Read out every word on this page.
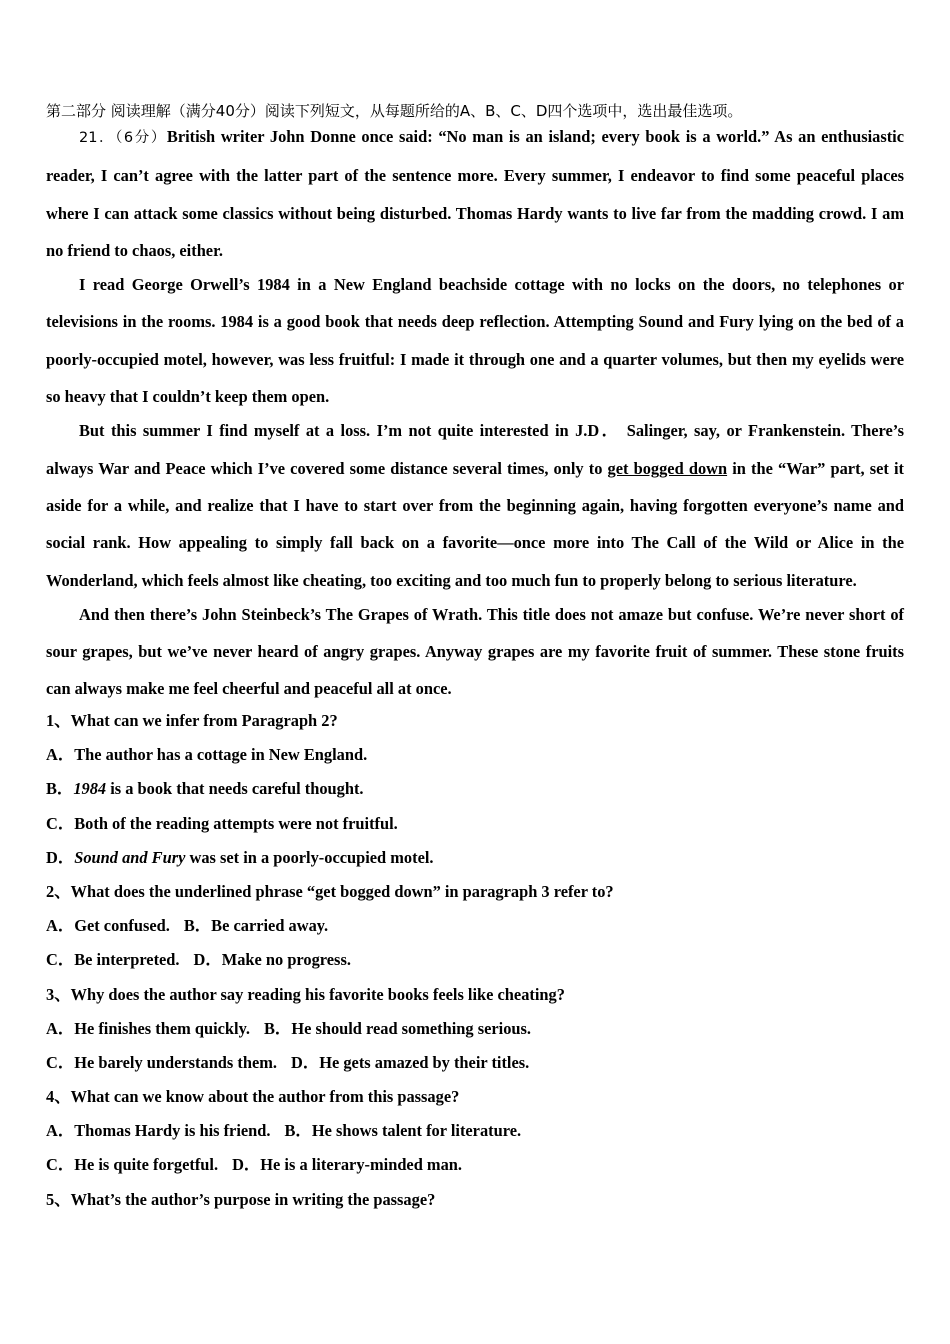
第二部分 阅读理解（满分40分）阅读下列短文，从每题所给的A、B、C、D四个选项中，选出最佳选项。

21．（6分）British writer John Donne once said: “No man is an island; every book is a world.” As an enthusiastic reader, I can’t agree with the latter part of the sentence more. Every summer, I endeavor to find some peaceful places where I can attack some classics without being disturbed. Thomas Hardy wants to live far from the madding crowd. I am no friend to chaos, either.

I read George Orwell’s 1984 in a New England beachside cottage with no locks on the doors, no telephones or televisions in the rooms. 1984 is a good book that needs deep reflection. Attempting Sound and Fury lying on the bed of a poorly-occupied motel, however, was less fruitful: I made it through one and a quarter volumes, but then my eyelids were so heavy that I couldn’t keep them open.

But this summer I find myself at a loss. I’m not quite interested in J.D． Salinger, say, or Frankenstein. There’s always War and Peace which I’ve covered some distance several times, only to get bogged down in the “War” part, set it aside for a while, and realize that I have to start over from the beginning again, having forgotten everyone’s name and social rank. How appealing to simply fall back on a favorite—once more into The Call of the Wild or Alice in the Wonderland, which feels almost like cheating, too exciting and too much fun to properly belong to serious literature.

And then there’s John Steinbeck’s The Grapes of Wrath. This title does not amaze but confuse. We’re never short of sour grapes, but we’ve never heard of angry grapes. Anyway grapes are my favorite fruit of summer. These stone fruits can always make me feel cheerful and peaceful all at once.

1、What can we infer from Paragraph 2?
A．The author has a cottage in New England.
B．1984 is a book that needs careful thought.
C．Both of the reading attempts were not fruitful.
D．Sound and Fury was set in a poorly-occupied motel.
2、What does the underlined phrase “get bogged down” in paragraph 3 refer to?
A．Get confused. B．Be carried away.
C．Be interpreted. D．Make no progress.
3、Why does the author say reading his favorite books feels like cheating?
A．He finishes them quickly. B．He should read something serious.
C．He barely understands them. D．He gets amazed by their titles.
4、What can we know about the author from this passage?
A．Thomas Hardy is his friend. B．He shows talent for literature.
C．He is quite forgetful. D．He is a literary-minded man.
5、What’s the author’s purpose in writing the passage?
